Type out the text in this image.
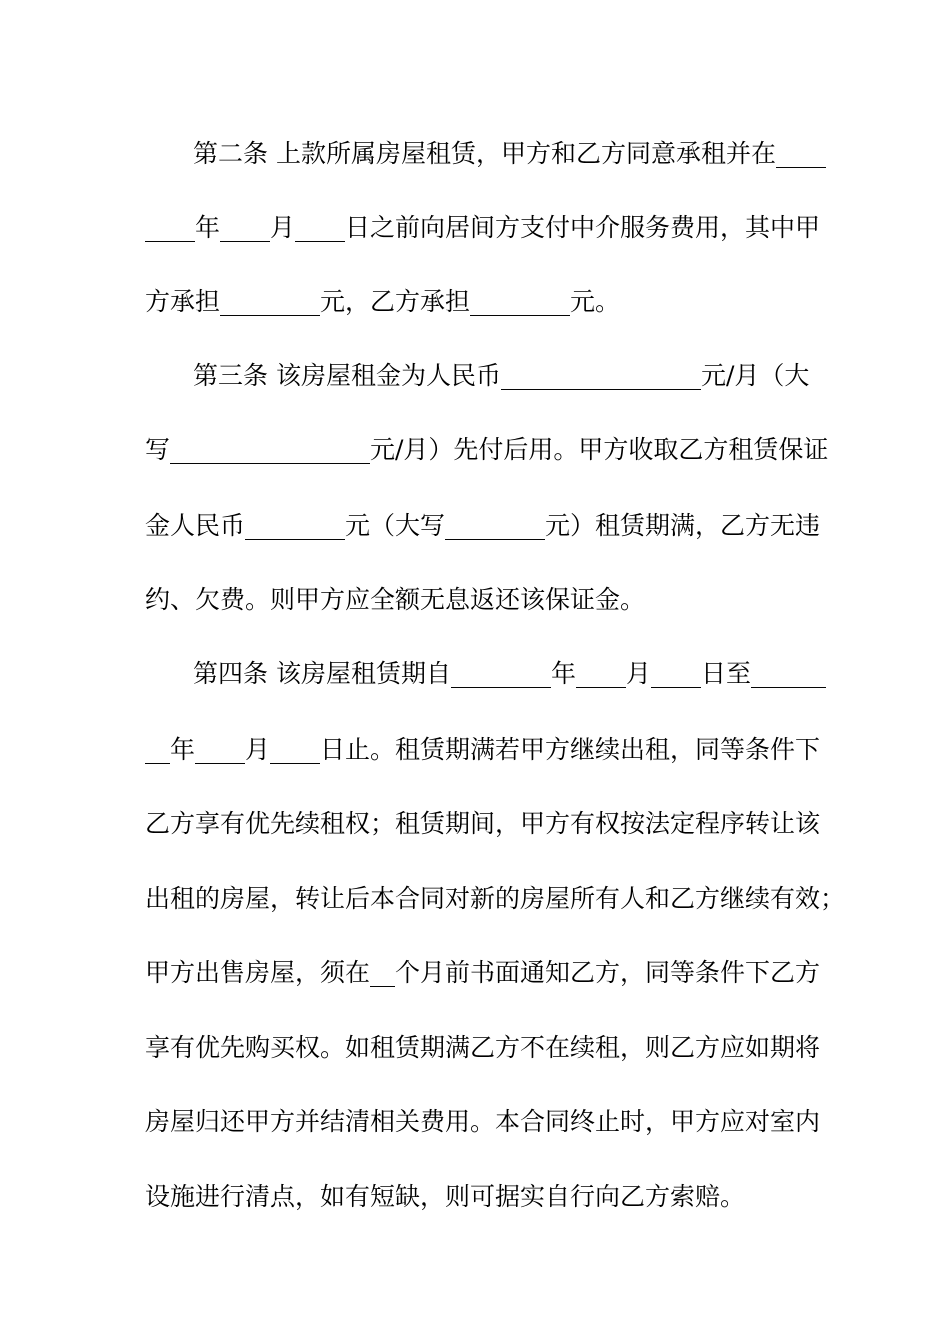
第二条 上款所属房屋租赁，甲方和乙方同意承租并在____
____年____月____日之前向居间方支付中介服务费用，其中甲
方承担________元，乙方承担________元。
第三条 该房屋租金为人民币________________元/月（大
写________________元/月）先付后用。甲方收取乙方租赁保证
金人民币________元（大写________元）租赁期满，乙方无违
约、欠费。则甲方应全额无息返还该保证金。
第四条 该房屋租赁期自________年____月____日至______
__年____月____日止。租赁期满若甲方继续出租，同等条件下
乙方享有优先续租权；租赁期间，甲方有权按法定程序转让该
出租的房屋，转让后本合同对新的房屋所有人和乙方继续有效；
甲方出售房屋，须在__个月前书面通知乙方，同等条件下乙方
享有优先购买权。如租赁期满乙方不在续租，则乙方应如期将
房屋归还甲方并结清相关费用。本合同终止时，甲方应对室内
设施进行清点，如有短缺，则可据实自行向乙方索赔。
